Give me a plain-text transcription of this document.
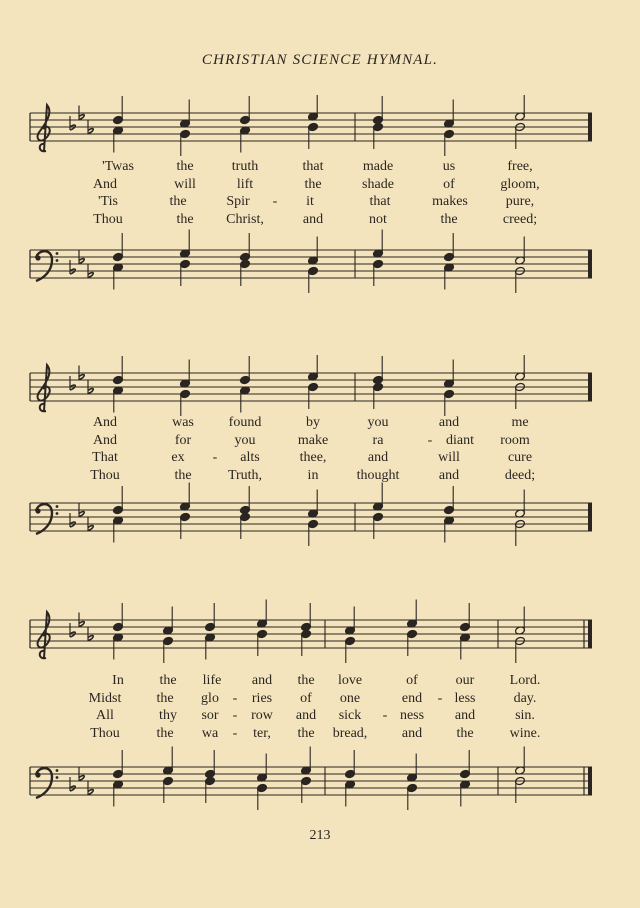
CHRISTIAN SCIENCE HYMNAL.
'Twas	the	truth	that	made	us	free,
And	will	lift	the	shade	of	gloom,
'Tis	the	Spir - it	that	makes	pure,
Thou	the Christ,	and	not	the	creed;
And	was found	by	you	and	me
And	for	you	make	ra	- diant room
That	ex - alts	thee,	and	will	cure
Thou	the	Truth,	in	thought	and	deed;
In	the life and the love	of	our	Lord.
Midst	the glo - ries of one	end - less	day.
All	thy sor - row and sick - ness and	sin.
Thou	the wa - ter, the bread, and the	wine.
213
